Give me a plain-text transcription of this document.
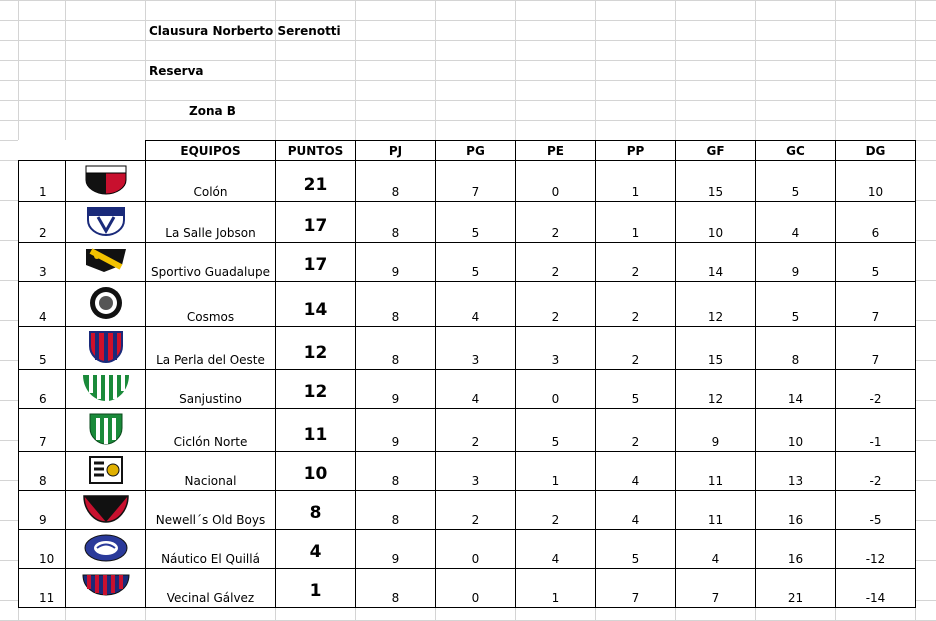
Clausura Norberto Serenotti
Reserva
Zona B
		EQUIPOS	PUNTOS	PJ	PG	PE	PP	GF	GC	DG
1		Colón	21	8	7	0	1	15	5	10
2		La Salle Jobson	17	8	5	2	1	10	4	6
3		Sportivo Guadalupe	17	9	5	2	2	14	9	5
4		Cosmos	14	8	4	2	2	12	5	7
5		La Perla del Oeste	12	8	3	3	2	15	8	7
6		Sanjustino	12	9	4	0	5	12	14	-2
7		Ciclón Norte	11	9	2	5	2	9	10	-1
8		Nacional	10	8	3	1	4	11	13	-2
9		Newell´s Old Boys	8	8	2	2	4	11	16	-5
10		Náutico El Quillá	4	9	0	4	5	4	16	-12
11		Vecinal Gálvez	1	8	0	1	7	7	21	-14
